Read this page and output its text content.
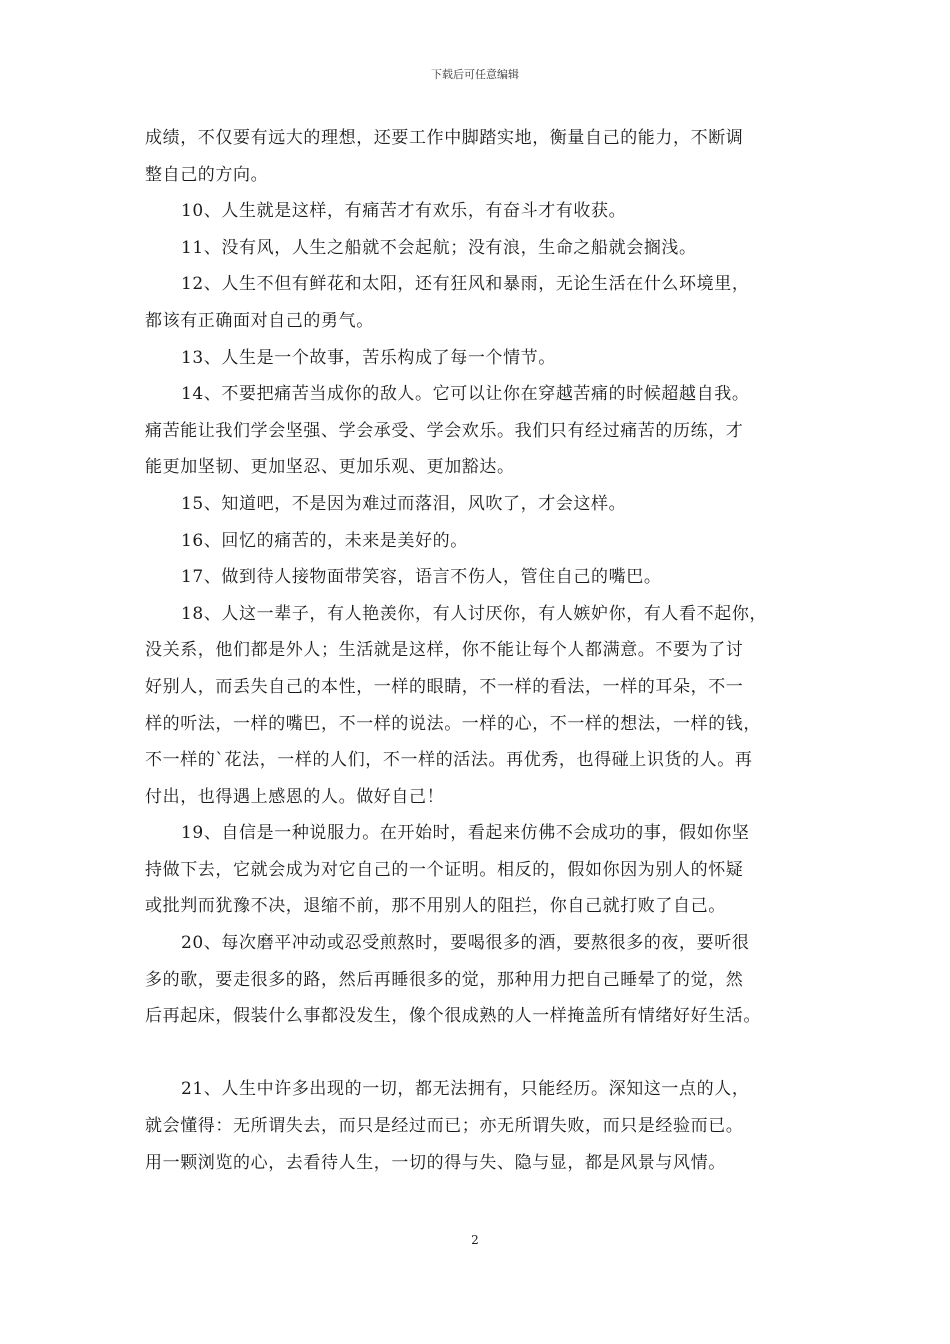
下载后可任意编辑

成绩，不仅要有远大的理想，还要工作中脚踏实地，衡量自己的能力，不断调
整自己的方向。

10、人生就是这样，有痛苦才有欢乐，有奋斗才有收获。

11、没有风，人生之船就不会起航；没有浪，生命之船就会搁浅。

12、人生不但有鲜花和太阳，还有狂风和暴雨，无论生活在什么环境里，
都该有正确面对自己的勇气。

13、人生是一个故事，苦乐构成了每一个情节。

14、不要把痛苦当成你的敌人。它可以让你在穿越苦痛的时候超越自我。
痛苦能让我们学会坚强、学会承受、学会欢乐。我们只有经过痛苦的历练，才
能更加坚韧、更加坚忍、更加乐观、更加豁达。

15、知道吧，不是因为难过而落泪，风吹了，才会这样。

16、回忆的痛苦的，未来是美好的。

17、做到待人接物面带笑容，语言不伤人，管住自己的嘴巴。

18、人这一辈子，有人艳羡你，有人讨厌你，有人嫉妒你，有人看不起你，
没关系，他们都是外人；生活就是这样，你不能让每个人都满意。不要为了讨
好别人，而丢失自己的本性，一样的眼睛，不一样的看法，一样的耳朵，不一
样的听法，一样的嘴巴，不一样的说法。一样的心，不一样的想法，一样的钱，
不一样的`花法，一样的人们，不一样的活法。再优秀，也得碰上识货的人。再
付出，也得遇上感恩的人。做好自己！

19、自信是一种说服力。在开始时，看起来仿佛不会成功的事，假如你坚
持做下去，它就会成为对它自己的一个证明。相反的，假如你因为别人的怀疑
或批判而犹豫不决，退缩不前，那不用别人的阻拦，你自己就打败了自己。

20、每次磨平冲动或忍受煎熬时，要喝很多的酒，要熬很多的夜，要听很
多的歌，要走很多的路，然后再睡很多的觉，那种用力把自己睡晕了的觉，然
后再起床，假装什么事都没发生，像个很成熟的人一样掩盖所有情绪好好生活。

21、人生中许多出现的一切，都无法拥有，只能经历。深知这一点的人，
就会懂得：无所谓失去，而只是经过而已；亦无所谓失败，而只是经验而已。
用一颗浏览的心，去看待人生，一切的得与失、隐与显，都是风景与风情。

2
